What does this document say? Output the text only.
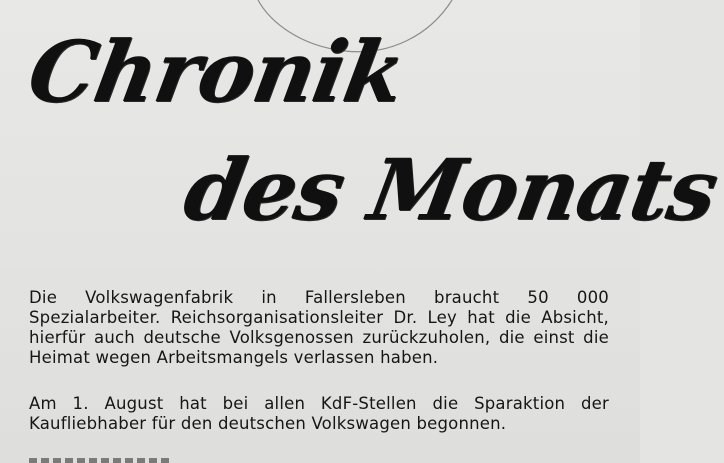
Chronik
des Monats

Die Volkswagenfabrik in Fallersleben braucht 50 000 Spezialarbeiter. Reichsorganisationsleiter Dr. Ley hat die Absicht, hierfür auch deutsche Volksgenossen zurückzuholen, die einst die Heimat wegen Arbeitsmangels verlassen haben.

Am 1. August hat bei allen KdF-Stellen die Sparaktion der Kaufliebhaber für den deutschen Volkswagen begonnen.
